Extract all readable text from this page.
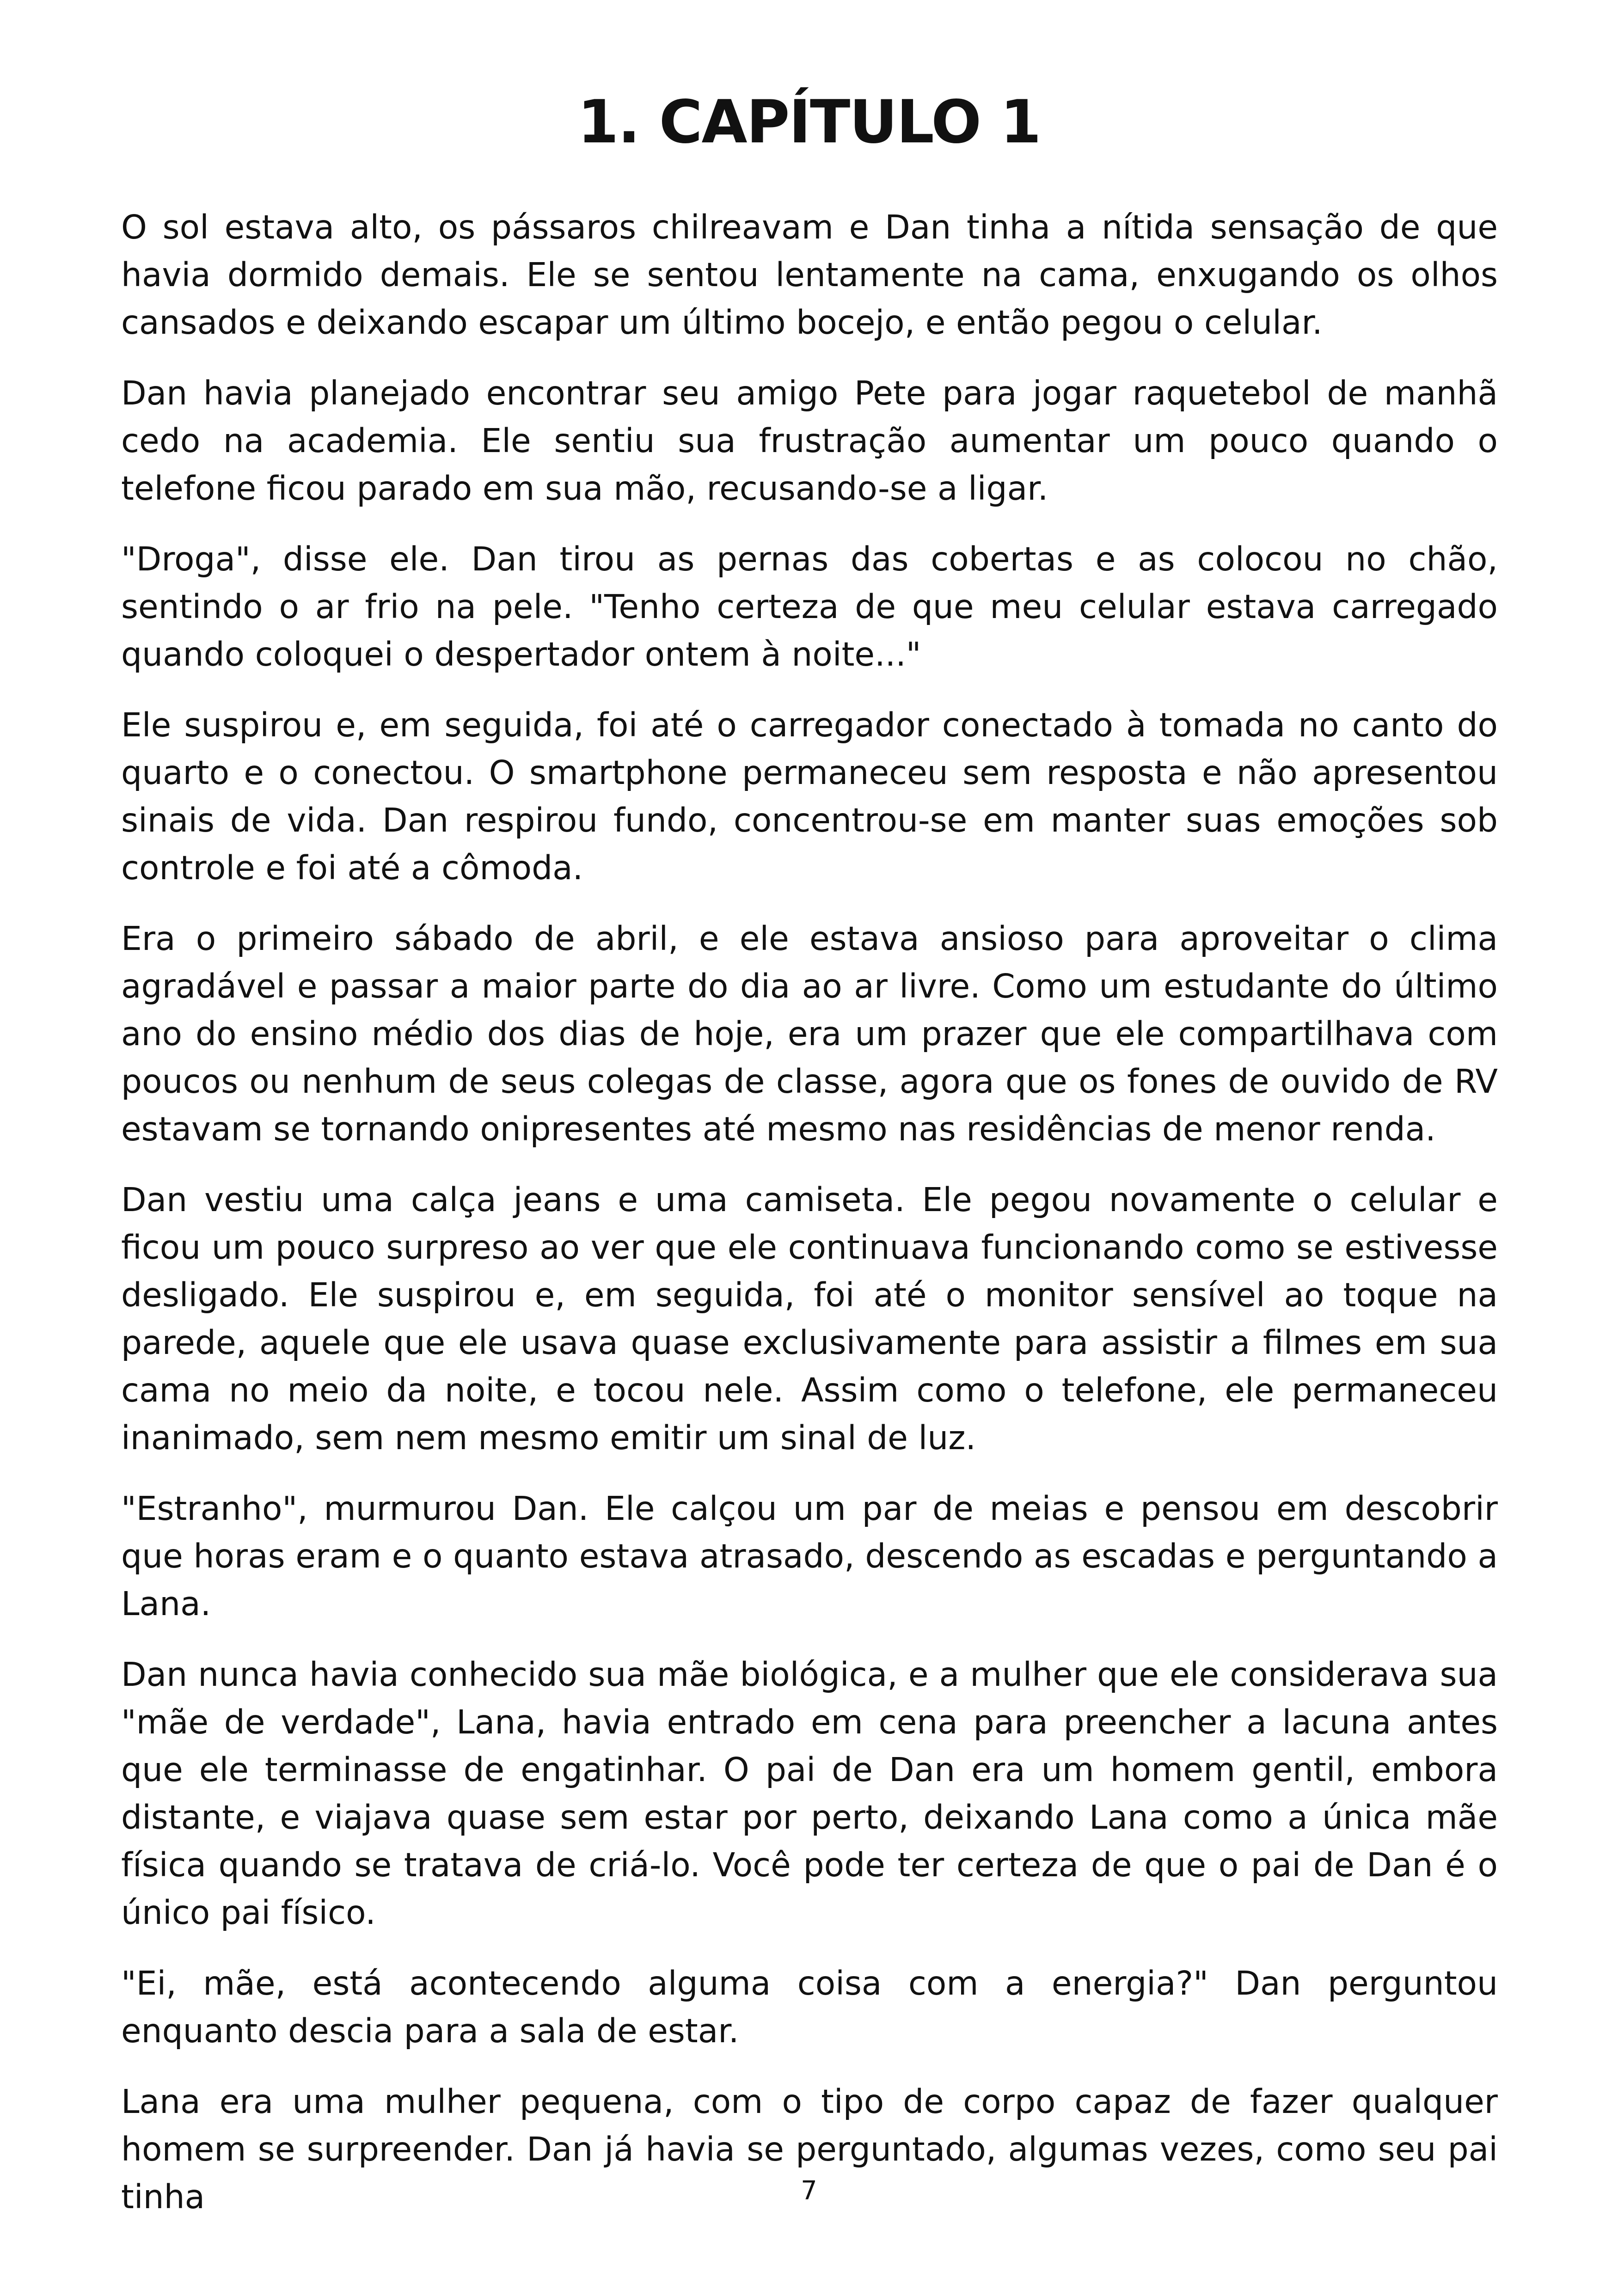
1. CAPÍTULO 1

O sol estava alto, os pássaros chilreavam e Dan tinha a nítida sensação de que havia dormido demais. Ele se sentou lentamente na cama, enxugando os olhos cansados e deixando escapar um último bocejo, e então pegou o celular.

Dan havia planejado encontrar seu amigo Pete para jogar raquetebol de manhã cedo na academia. Ele sentiu sua frustração aumentar um pouco quando o telefone ficou parado em sua mão, recusando-se a ligar.

"Droga", disse ele. Dan tirou as pernas das cobertas e as colocou no chão, sentindo o ar frio na pele. "Tenho certeza de que meu celular estava carregado quando coloquei o despertador ontem à noite..."

Ele suspirou e, em seguida, foi até o carregador conectado à tomada no canto do quarto e o conectou. O smartphone permaneceu sem resposta e não apresentou sinais de vida. Dan respirou fundo, concentrou-se em manter suas emoções sob controle e foi até a cômoda.

Era o primeiro sábado de abril, e ele estava ansioso para aproveitar o clima agradável e passar a maior parte do dia ao ar livre. Como um estudante do último ano do ensino médio dos dias de hoje, era um prazer que ele compartilhava com poucos ou nenhum de seus colegas de classe, agora que os fones de ouvido de RV estavam se tornando onipresentes até mesmo nas residências de menor renda.

Dan vestiu uma calça jeans e uma camiseta. Ele pegou novamente o celular e ficou um pouco surpreso ao ver que ele continuava funcionando como se estivesse desligado. Ele suspirou e, em seguida, foi até o monitor sensível ao toque na parede, aquele que ele usava quase exclusivamente para assistir a filmes em sua cama no meio da noite, e tocou nele. Assim como o telefone, ele permaneceu inanimado, sem nem mesmo emitir um sinal de luz.

"Estranho", murmurou Dan. Ele calçou um par de meias e pensou em descobrir que horas eram e o quanto estava atrasado, descendo as escadas e perguntando a Lana.

Dan nunca havia conhecido sua mãe biológica, e a mulher que ele considerava sua "mãe de verdade", Lana, havia entrado em cena para preencher a lacuna antes que ele terminasse de engatinhar. O pai de Dan era um homem gentil, embora distante, e viajava quase sem estar por perto, deixando Lana como a única mãe física quando se tratava de criá-lo. Você pode ter certeza de que o pai de Dan é o único pai físico.

"Ei, mãe, está acontecendo alguma coisa com a energia?" Dan perguntou enquanto descia para a sala de estar.

Lana era uma mulher pequena, com o tipo de corpo capaz de fazer qualquer homem se surpreender. Dan já havia se perguntado, algumas vezes, como seu pai tinha	7
